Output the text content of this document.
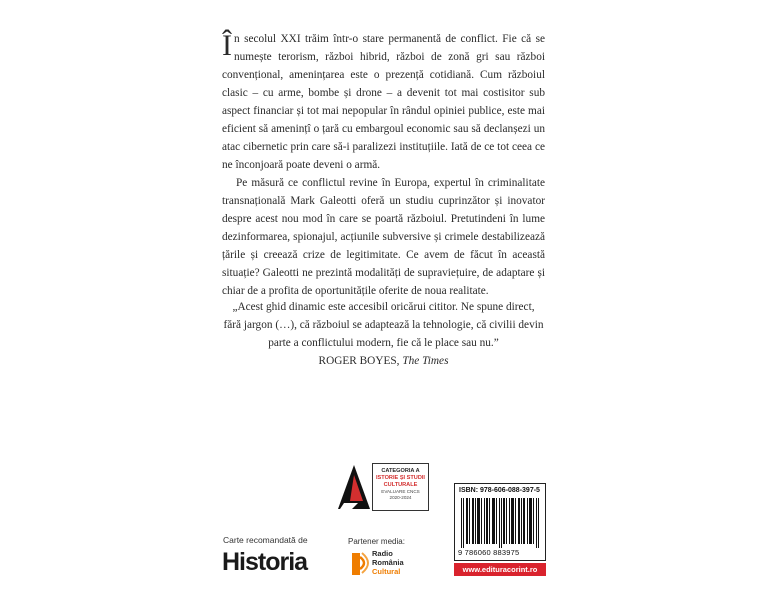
În secolul XXI trăim într-o stare permanentă de conflict. Fie că se numește terorism, război hibrid, război de zonă gri sau război convențional, amenințarea este o prezență cotidiană. Cum războiul clasic – cu arme, bombe și drone – a devenit tot mai costisitor sub aspect financiar și tot mai nepopular în rândul opiniei publice, este mai eficient să amenințî o țară cu embargoul economic sau să declanșezi un atac cibernetic prin care să-i paralizezi instituțiile. Iată de ce tot ceea ce ne înconjoară poate deveni o armă.

Pe măsură ce conflictul revine în Europa, expertul în criminalitate transnațională Mark Galeotti oferă un studiu cuprinzător și inovator despre acest nou mod în care se poartă războiul. Pretutindeni în lume dezinformarea, spionajul, acțiunile subversive și crimele destabilizează țările și creează crize de legitimitate. Ce avem de făcut în această situație? Galeotti ne prezintă modalități de supraviețuire, de adaptare și chiar de a profita de oportunitățile oferite de noua realitate.

„Acest ghid dinamic este accesibil oricărui cititor. Ne spune direct,
fără jargon (…), că războiul se adaptează la tehnologie, că civilii devin
parte a conflictului modern, fie că le place sau nu.”
ROGER BOYES, The Times
CATEGORIA A
ISTORIE ȘI STUDII
CULTURALE
EVALUARE CNCS
2020-2024
Carte recomandată de
Historia
Partener media:
Radio
România
Cultural
ISBN: 978-606-088-397-5
9 786060 883975
www.edituracorint.ro
